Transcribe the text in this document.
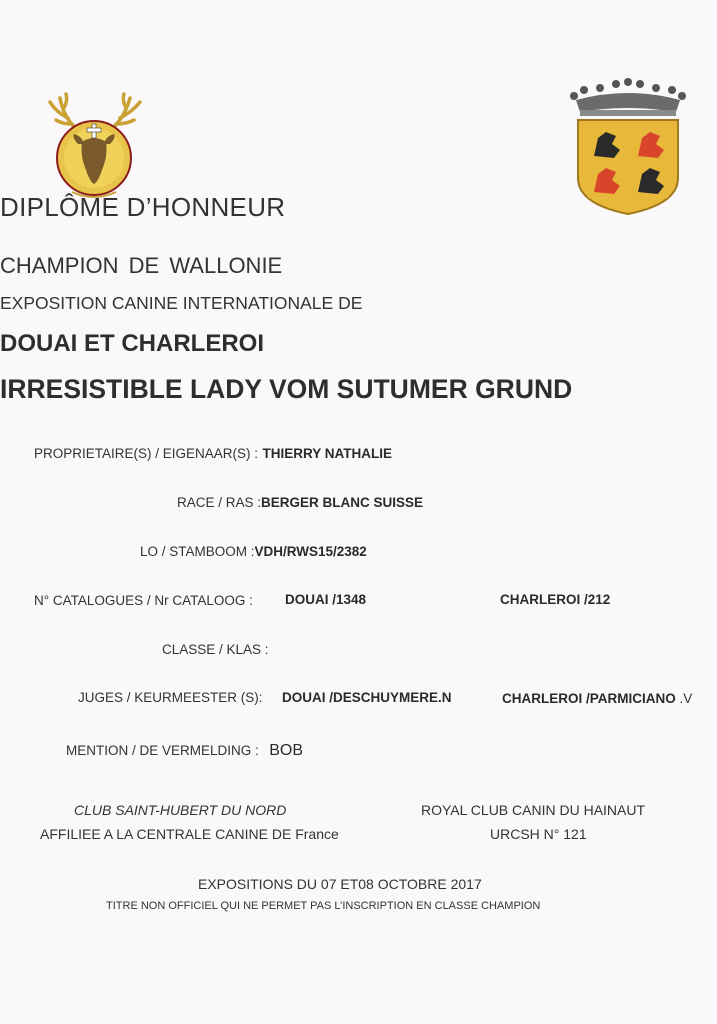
DIPLÔME D’HONNEUR
CHAMPION DE WALLONIE
EXPOSITION CANINE INTERNATIONALE DE
DOUAI ET CHARLEROI
IRRESISTIBLE LADY VOM SUTUMER GRUND
PROPRIETAIRE(S) / EIGENAAR(S) : THIERRY NATHALIE
RACE / RAS :BERGER BLANC SUISSE
LO / STAMBOOM :VDH/RWS15/2382
N° CATALOGUES / Nr CATALOOG : DOUAI /1348	CHARLEROI /212
CLASSE / KLAS :
JUGES / KEURMEESTER (S): DOUAI /DESCHUYMERE.N	CHARLEROI /PARMICIANO .V
MENTION / DE VERMELDING : BOB
CLUB SAINT-HUBERT DU NORD
AFFILIEE A LA CENTRALE CANINE DE France
ROYAL CLUB CANIN DU HAINAUT
URCSH N° 121
EXPOSITIONS DU 07 ET08 OCTOBRE 2017
TITRE NON OFFICIEL QUI NE PERMET PAS L’INSCRIPTION EN CLASSE CHAMPION
